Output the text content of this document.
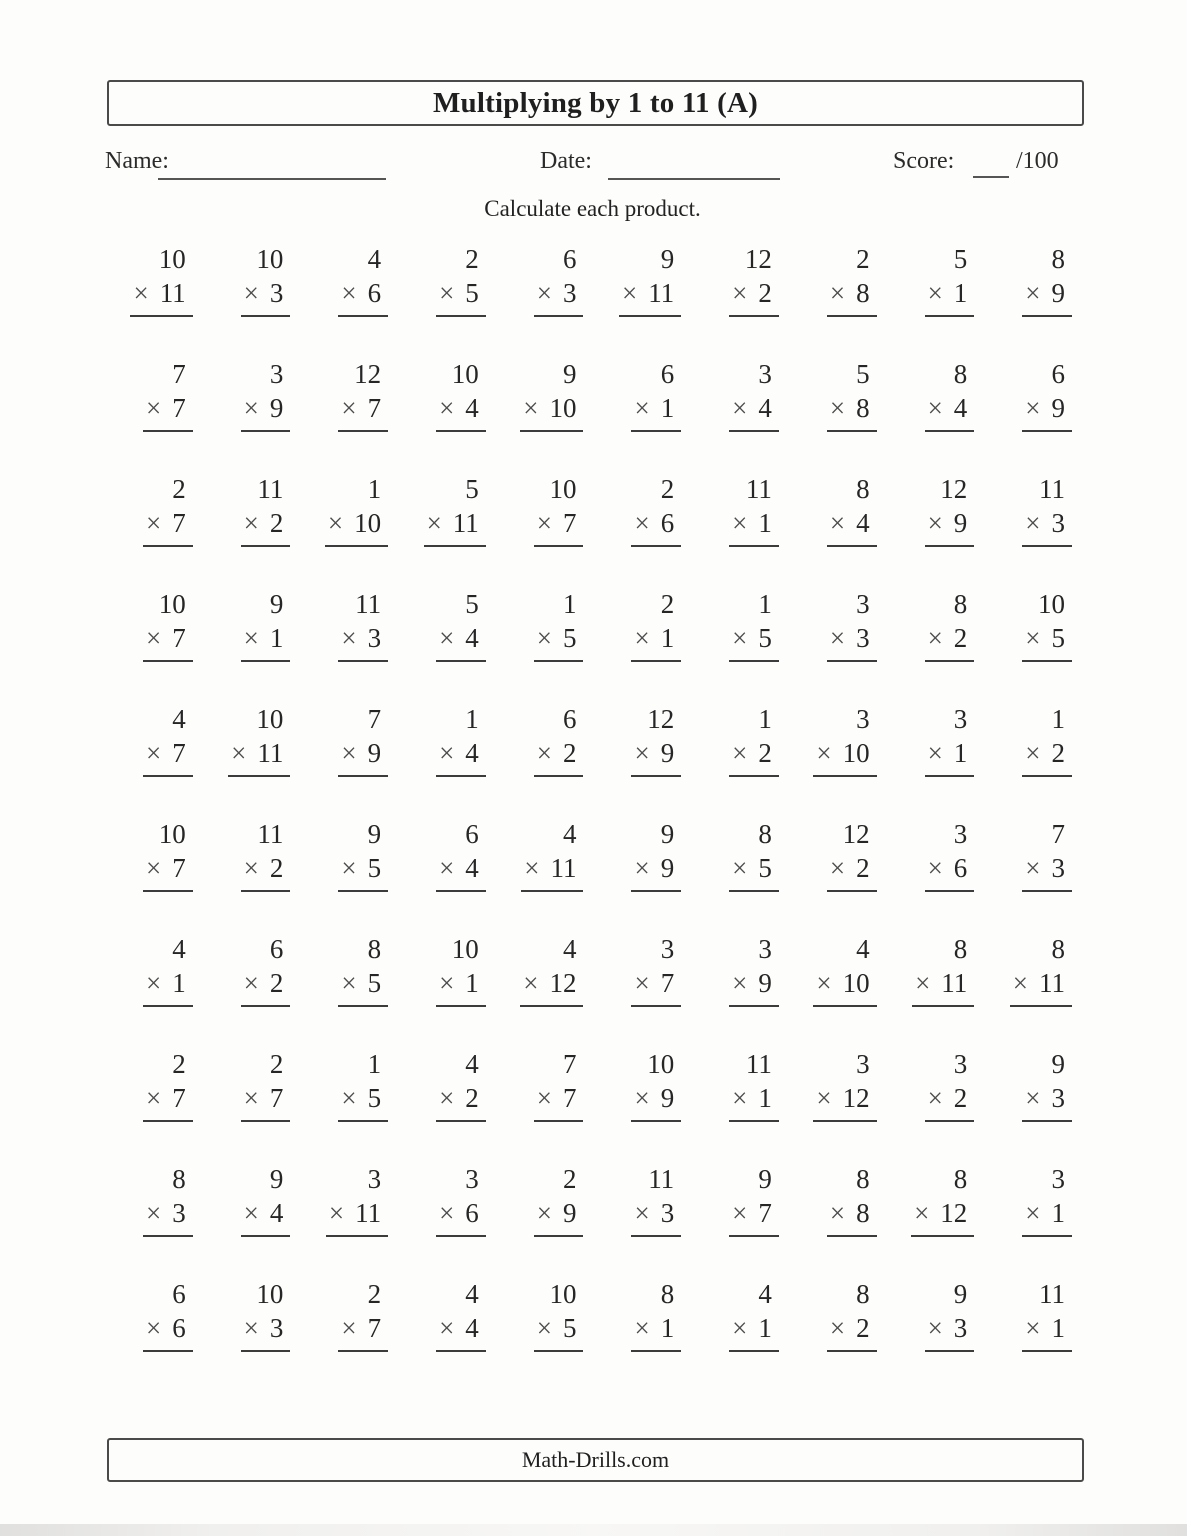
Multiplying by 1 to 11 (A)
Name:	Date:	Score:	/100
Calculate each product.
10
× 11
10
× 3
4
× 6
2
× 5
6
× 3
9
× 11
12
× 2
2
× 8
5
× 1
8
× 9
7
× 7
3
× 9
12
× 7
10
× 4
9
× 10
6
× 1
3
× 4
5
× 8
8
× 4
6
× 9
2
× 7
11
× 2
1
× 10
5
× 11
10
× 7
2
× 6
11
× 1
8
× 4
12
× 9
11
× 3
10
× 7
9
× 1
11
× 3
5
× 4
1
× 5
2
× 1
1
× 5
3
× 3
8
× 2
10
× 5
4
× 7
10
× 11
7
× 9
1
× 4
6
× 2
12
× 9
1
× 2
3
× 10
3
× 1
1
× 2
10
× 7
11
× 2
9
× 5
6
× 4
4
× 11
9
× 9
8
× 5
12
× 2
3
× 6
7
× 3
4
× 1
6
× 2
8
× 5
10
× 1
4
× 12
3
× 7
3
× 9
4
× 10
8
× 11
8
× 11
2
× 7
2
× 7
1
× 5
4
× 2
7
× 7
10
× 9
11
× 1
3
× 12
3
× 2
9
× 3
8
× 3
9
× 4
3
× 11
3
× 6
2
× 9
11
× 3
9
× 7
8
× 8
8
× 12
3
× 1
6
× 6
10
× 3
2
× 7
4
× 4
10
× 5
8
× 1
4
× 1
8
× 2
9
× 3
11
× 1
Math-Drills.com
